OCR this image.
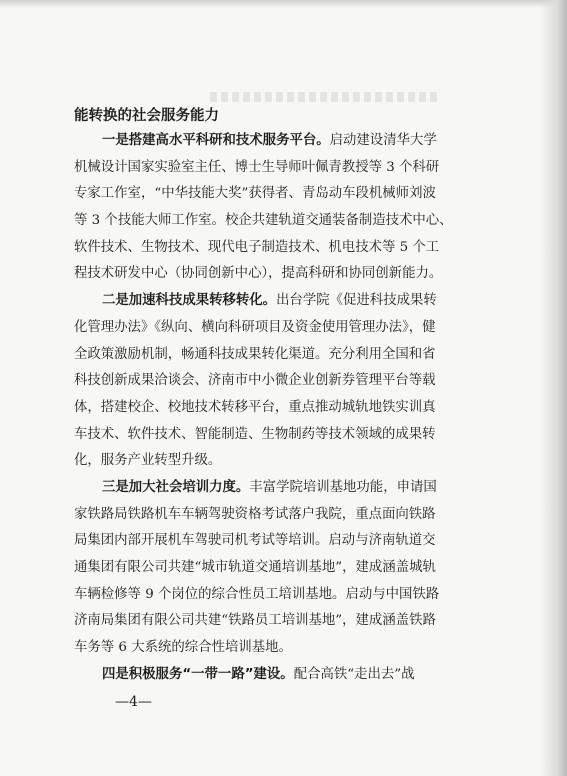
能转换的社会服务能力
一是搭建高水平科研和技术服务平台。启动建设清华大学
机械设计国家实验室主任、博士生导师叶佩青教授等 3 个科研
专家工作室，“中华技能大奖”获得者、青岛动车段机械师刘波
等 3 个技能大师工作室。校企共建轨道交通装备制造技术中心、
软件技术、生物技术、现代电子制造技术、机电技术等 5 个工
程技术研发中心（协同创新中心），提高科研和协同创新能力。
二是加速科技成果转移转化。出台学院《促进科技成果转
化管理办法》《纵向、横向科研项目及资金使用管理办法》，健
全政策激励机制，畅通科技成果转化渠道。充分利用全国和省
科技创新成果洽谈会、济南市中小微企业创新券管理平台等载
体，搭建校企、校地技术转移平台，重点推动城轨地铁实训真
车技术、软件技术、智能制造、生物制药等技术领域的成果转
化，服务产业转型升级。
三是加大社会培训力度。丰富学院培训基地功能，申请国
家铁路局铁路机车车辆驾驶资格考试落户我院，重点面向铁路
局集团内部开展机车驾驶司机考试等培训。启动与济南轨道交
通集团有限公司共建“城市轨道交通培训基地”，建成涵盖城轨
车辆检修等 9 个岗位的综合性员工培训基地。启动与中国铁路
济南局集团有限公司共建“铁路员工培训基地”，建成涵盖铁路
车务等 6 大系统的综合性培训基地。
四是积极服务“一带一路”建设。配合高铁“走出去”战
—4—
